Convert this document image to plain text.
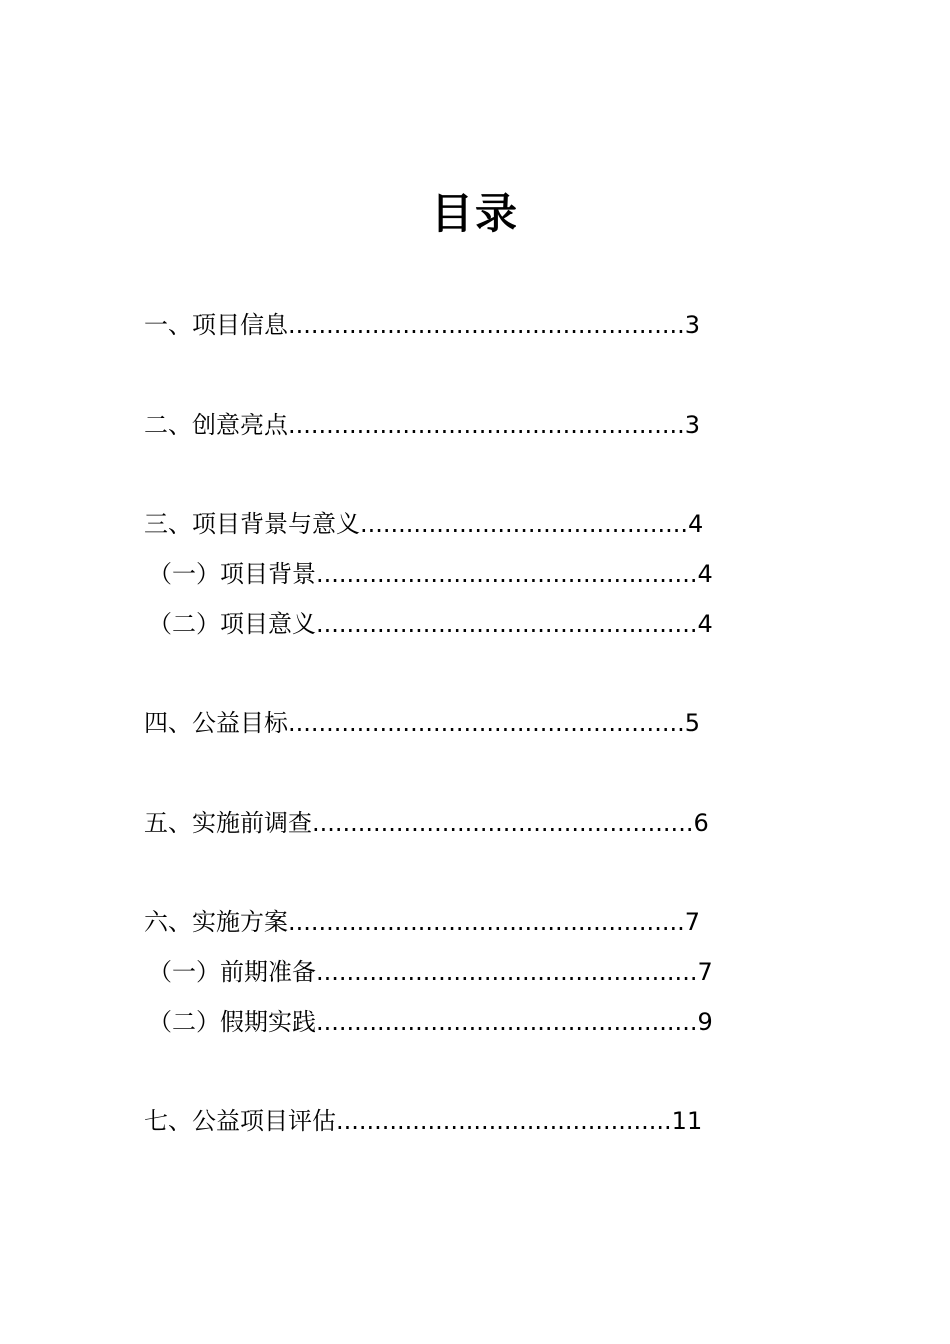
目录
一、项目信息....................................................3
二、创意亮点....................................................3
三、项目背景与意义...........................................4
（一）项目背景..................................................4
（二）项目意义..................................................4
四、公益目标....................................................5
五、实施前调查..................................................6
六、实施方案....................................................7
（一）前期准备..................................................7
（二）假期实践..................................................9
七、公益项目评估............................................11
